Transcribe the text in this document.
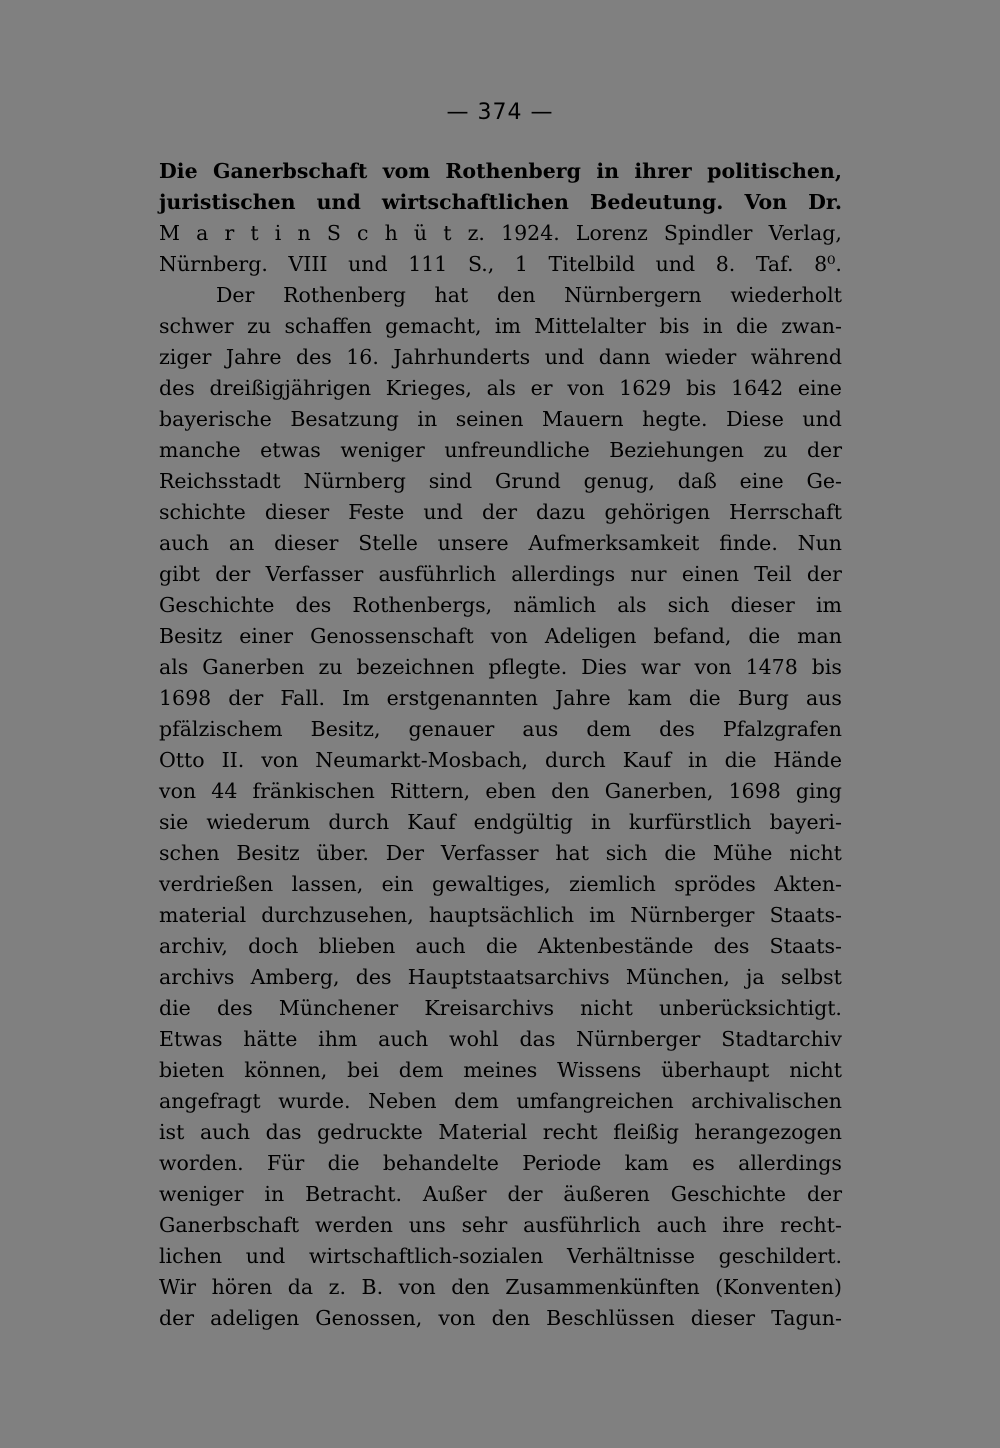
— 374 —
Die Ganerbschaft vom Rothenberg in ihrer politischen,
juristischen und wirtschaftlichen Bedeutung. Von Dr.
M a r t i n S c h ü t z. 1924. Lorenz Spindler Verlag,
Nürnberg. VIII und 111 S., 1 Titelbild und 8. Taf. 8⁰.
Der Rothenberg hat den Nürnbergern wiederholt
schwer zu schaffen gemacht, im Mittelalter bis in die zwan-
ziger Jahre des 16. Jahrhunderts und dann wieder während
des dreißigjährigen Krieges, als er von 1629 bis 1642 eine
bayerische Besatzung in seinen Mauern hegte. Diese und
manche etwas weniger unfreundliche Beziehungen zu der
Reichsstadt Nürnberg sind Grund genug, daß eine Ge-
schichte dieser Feste und der dazu gehörigen Herrschaft
auch an dieser Stelle unsere Aufmerksamkeit finde. Nun
gibt der Verfasser ausführlich allerdings nur einen Teil der
Geschichte des Rothenbergs, nämlich als sich dieser im
Besitz einer Genossenschaft von Adeligen befand, die man
als Ganerben zu bezeichnen pflegte. Dies war von 1478 bis
1698 der Fall. Im erstgenannten Jahre kam die Burg aus
pfälzischem Besitz, genauer aus dem des Pfalzgrafen
Otto II. von Neumarkt-Mosbach, durch Kauf in die Hände
von 44 fränkischen Rittern, eben den Ganerben, 1698 ging
sie wiederum durch Kauf endgültig in kurfürstlich bayeri-
schen Besitz über. Der Verfasser hat sich die Mühe nicht
verdrießen lassen, ein gewaltiges, ziemlich sprödes Akten-
material durchzusehen, hauptsächlich im Nürnberger Staats-
archiv, doch blieben auch die Aktenbestände des Staats-
archivs Amberg, des Hauptstaatsarchivs München, ja selbst
die des Münchener Kreisarchivs nicht unberücksichtigt.
Etwas hätte ihm auch wohl das Nürnberger Stadtarchiv
bieten können, bei dem meines Wissens überhaupt nicht
angefragt wurde. Neben dem umfangreichen archivalischen
ist auch das gedruckte Material recht fleißig herangezogen
worden. Für die behandelte Periode kam es allerdings
weniger in Betracht. Außer der äußeren Geschichte der
Ganerbschaft werden uns sehr ausführlich auch ihre recht-
lichen und wirtschaftlich-sozialen Verhältnisse geschildert.
Wir hören da z. B. von den Zusammenkünften (Konventen)
der adeligen Genossen, von den Beschlüssen dieser Tagun-
